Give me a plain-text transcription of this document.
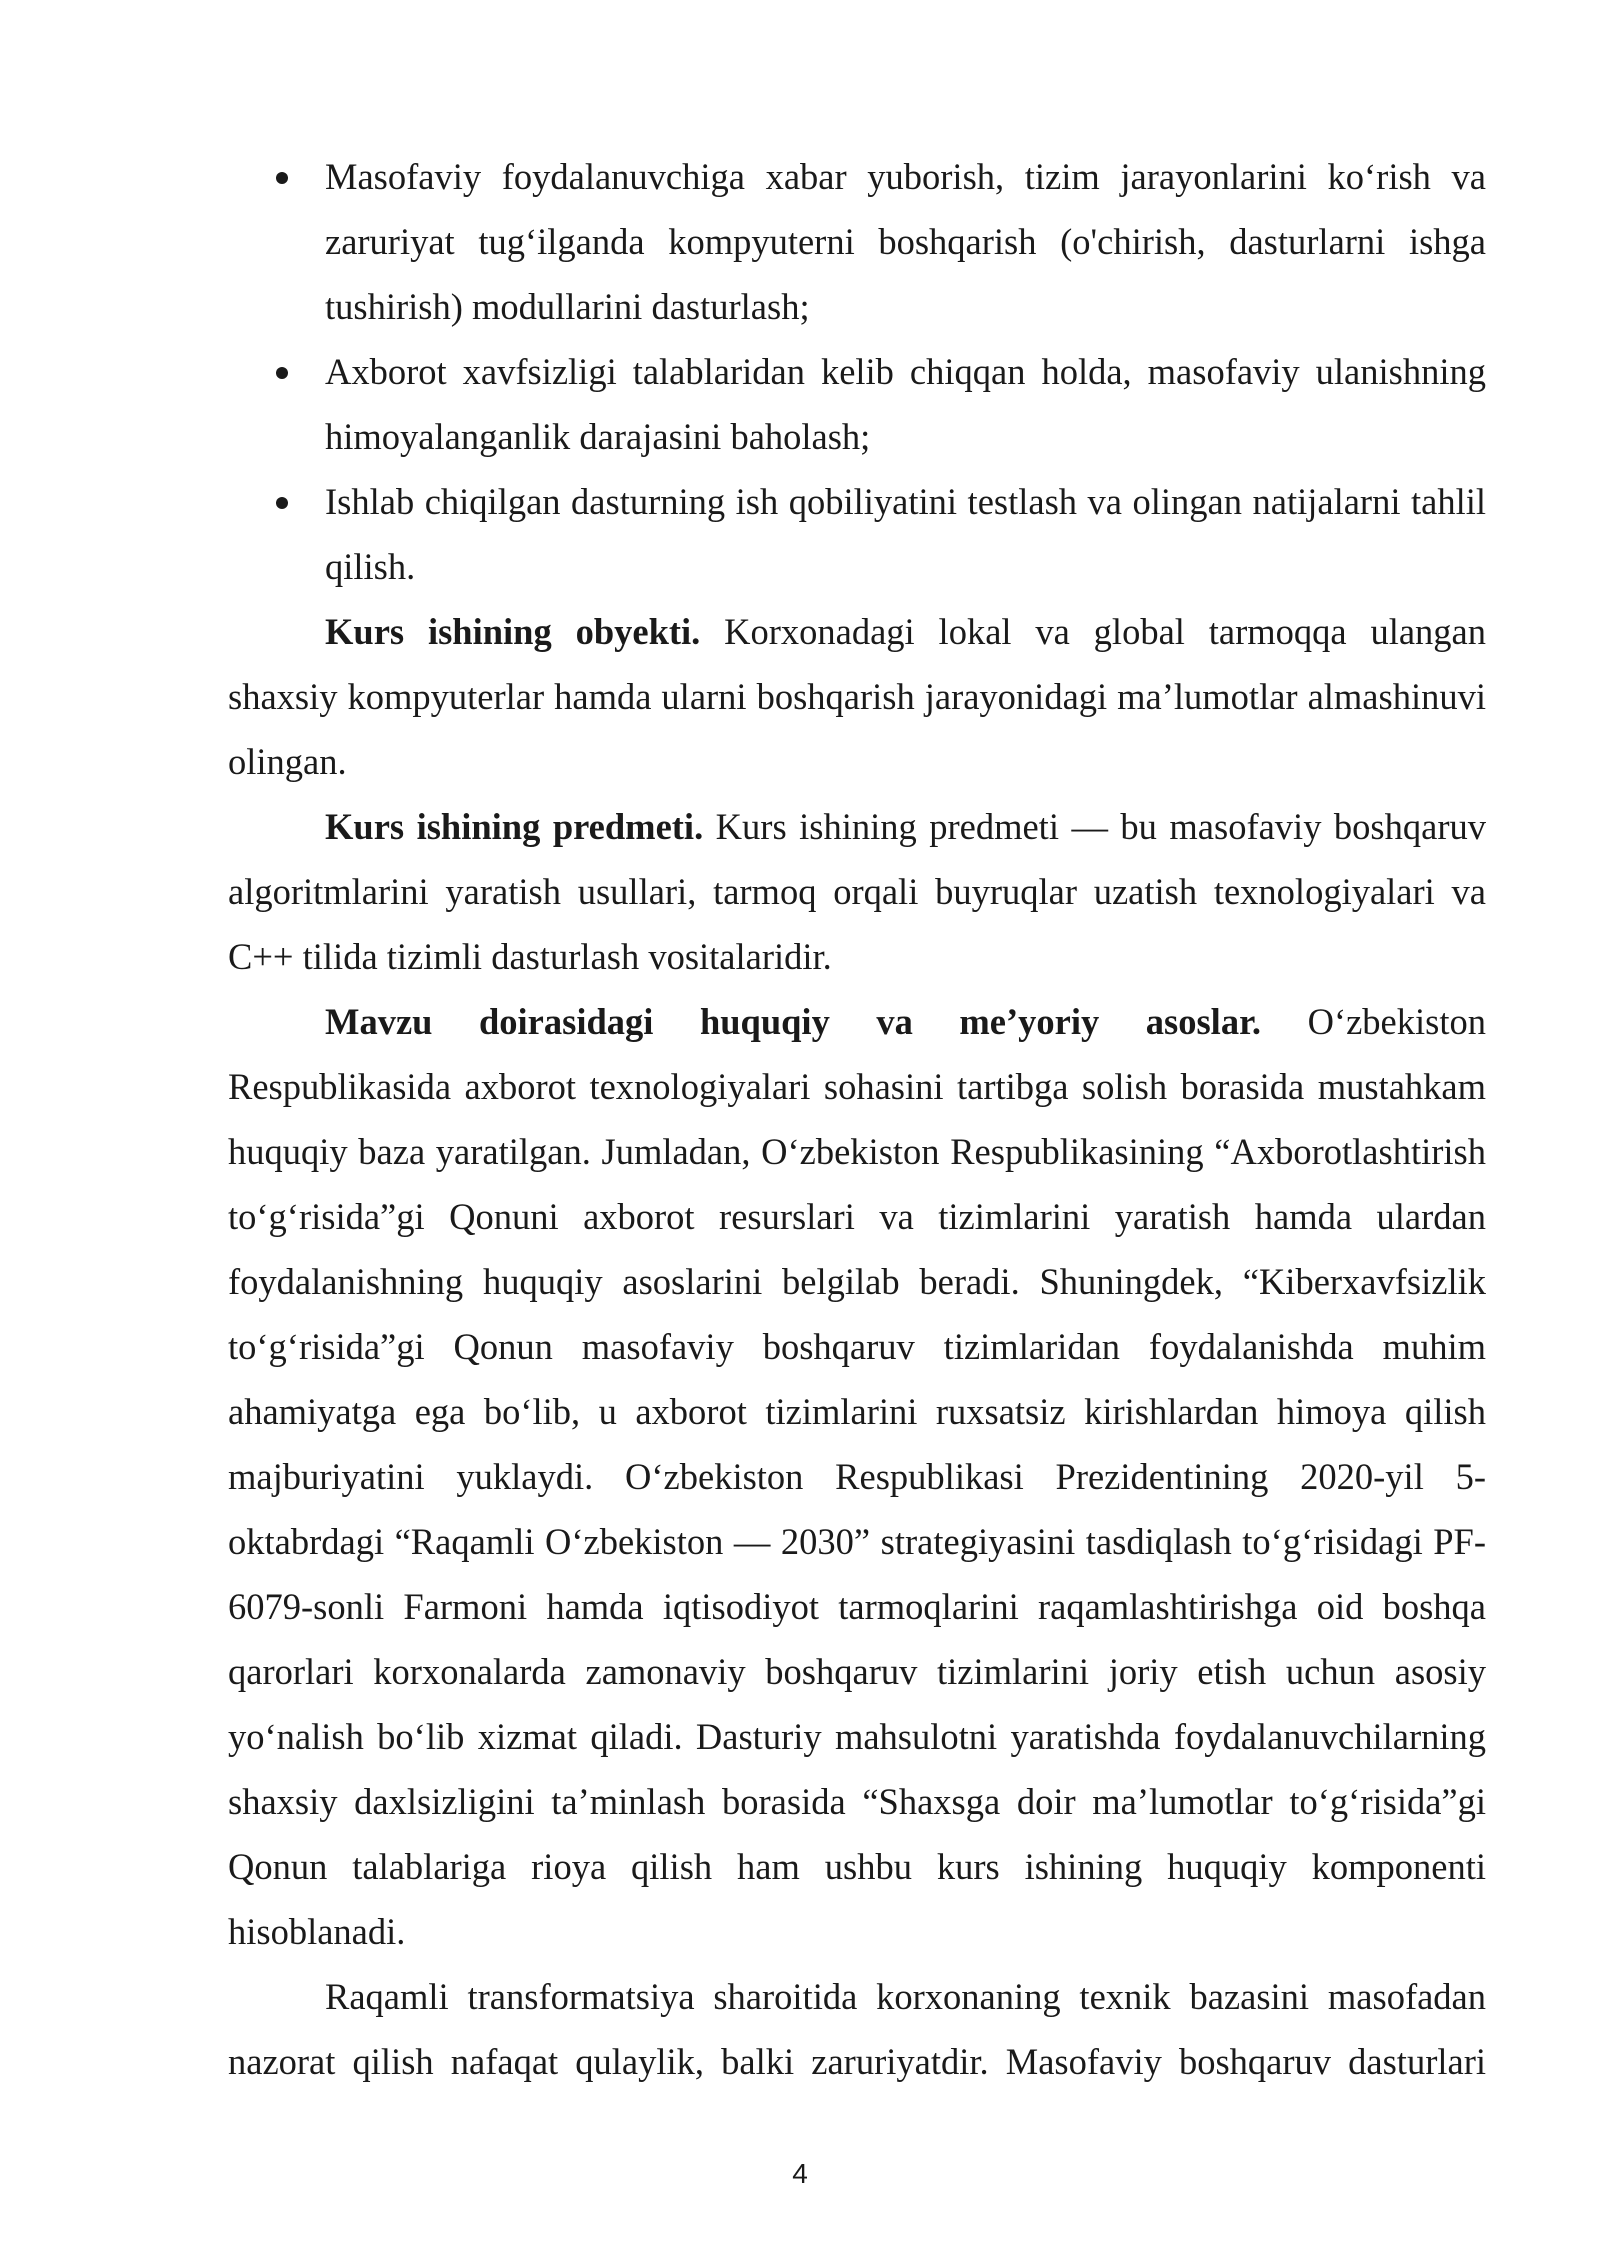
Masofaviy foydalanuvchiga xabar yuborish, tizim jarayonlarini ko‘rish va zaruriyat tug‘ilganda kompyuterni boshqarish (o'chirish, dasturlarni ishga tushirish) modullarini dasturlash;
Axborot xavfsizligi talablaridan kelib chiqqan holda, masofaviy ulanishning himoyalanganlik darajasini baholash;
Ishlab chiqilgan dasturning ish qobiliyatini testlash va olingan natijalarni tahlil qilish.

Kurs ishining obyekti. Korxonadagi lokal va global tarmoqqa ulangan shaxsiy kompyuterlar hamda ularni boshqarish jarayonidagi ma’lumotlar almashinuvi olingan.

Kurs ishining predmeti. Kurs ishining predmeti — bu masofaviy boshqaruv algoritmlarini yaratish usullari, tarmoq orqali buyruqlar uzatish texnologiyalari va C++ tilida tizimli dasturlash vositalaridir.

Mavzu doirasidagi huquqiy va me’yoriy asoslar. O‘zbekiston Respublikasida axborot texnologiyalari sohasini tartibga solish borasida mustahkam huquqiy baza yaratilgan. Jumladan, O‘zbekiston Respublikasining “Axborotlashtirish to‘g‘risida”gi Qonuni axborot resurslari va tizimlarini yaratish hamda ulardan foydalanishning huquqiy asoslarini belgilab beradi. Shuningdek, “Kiberxavfsizlik to‘g‘risida”gi Qonun masofaviy boshqaruv tizimlaridan foydalanishda muhim ahamiyatga ega bo‘lib, u axborot tizimlarini ruxsatsiz kirishlardan himoya qilish majburiyatini yuklaydi. O‘zbekiston Respublikasi Prezidentining 2020-yil 5-oktabrdagi “Raqamli O‘zbekiston — 2030” strategiyasini tasdiqlash to‘g‘risidagi PF-6079-sonli Farmoni hamda iqtisodiyot tarmoqlarini raqamlashtirishga oid boshqa qarorlari korxonalarda zamonaviy boshqaruv tizimlarini joriy etish uchun asosiy yo‘nalish bo‘lib xizmat qiladi. Dasturiy mahsulotni yaratishda foydalanuvchilarning shaxsiy daxlsizligini ta’minlash borasida “Shaxsga doir ma’lumotlar to‘g‘risida”gi Qonun talablariga rioya qilish ham ushbu kurs ishining huquqiy komponenti hisoblanadi.

Raqamli transformatsiya sharoitida korxonaning texnik bazasini masofadan nazorat qilish nafaqat qulaylik, balki zaruriyatdir. Masofaviy boshqaruv dasturlari

4
